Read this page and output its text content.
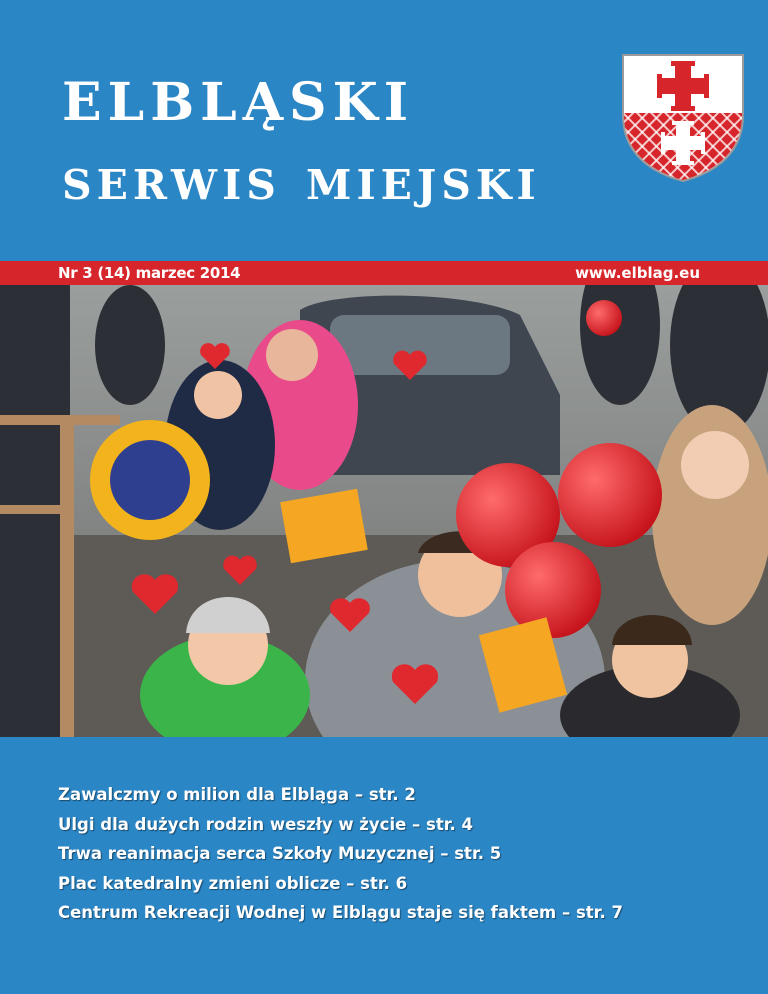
elbląski
serwis miejski
Nr 3 (14) marzec 2014	www.elblag.eu
Zawalczmy o milion dla Elbląga – str. 2
Ulgi dla dużych rodzin weszły w życie – str. 4
Trwa reanimacja serca Szkoły Muzycznej – str. 5
Plac katedralny zmieni oblicze – str. 6
Centrum Rekreacji Wodnej w Elblągu staje się faktem – str. 7
